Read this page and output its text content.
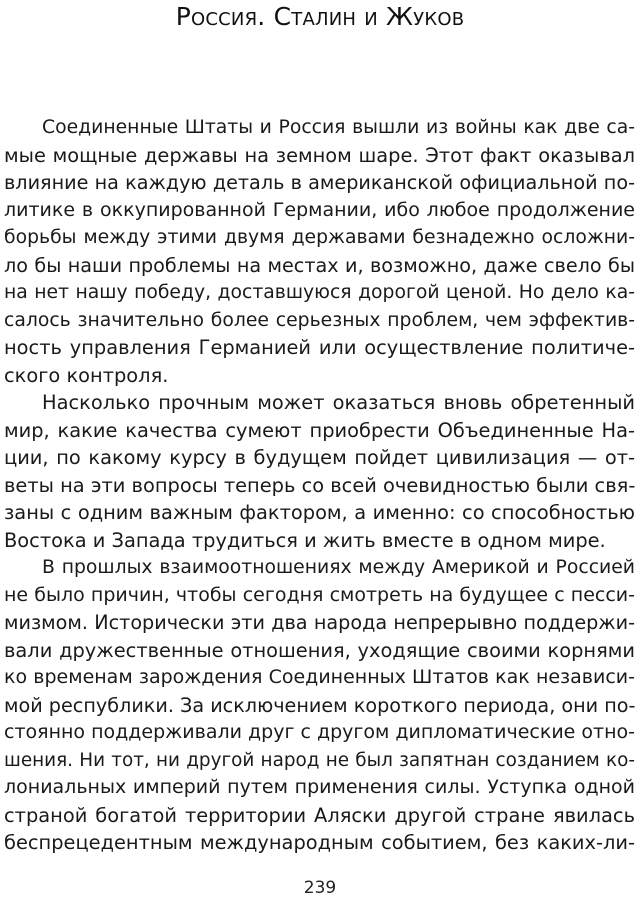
Россия. Сталин и Жуков
Соединенные Штаты и Россия вышли из войны как две са-
мые мощные державы на земном шаре. Этот факт оказывал
влияние на каждую деталь в американской официальной по-
литике в оккупированной Германии, ибо любое продолжение
борьбы между этими двумя державами безнадежно осложни-
ло бы наши проблемы на местах и, возможно, даже свело бы
на нет нашу победу, доставшуюся дорогой ценой. Но дело ка-
салось значительно более серьезных проблем, чем эффектив-
ность управления Германией или осуществление политиче-
ского контроля.
Насколько прочным может оказаться вновь обретенный
мир, какие качества сумеют приобрести Объединенные На-
ции, по какому курсу в будущем пойдет цивилизация — от-
веты на эти вопросы теперь со всей очевидностью были свя-
заны с одним важным фактором, а именно: со способностью
Востока и Запада трудиться и жить вместе в одном мире.
В прошлых взаимоотношениях между Америкой и Россией
не было причин, чтобы сегодня смотреть на будущее с песси-
мизмом. Исторически эти два народа непрерывно поддержи-
вали дружественные отношения, уходящие своими корнями
ко временам зарождения Соединенных Штатов как независи-
мой республики. За исключением короткого периода, они по-
стоянно поддерживали друг с другом дипломатические отно-
шения. Ни тот, ни другой народ не был запятнан созданием ко-
лониальных империй путем применения силы. Уступка одной
страной богатой территории Аляски другой стране явилась
беспрецедентным международным событием, без каких-ли-
239
